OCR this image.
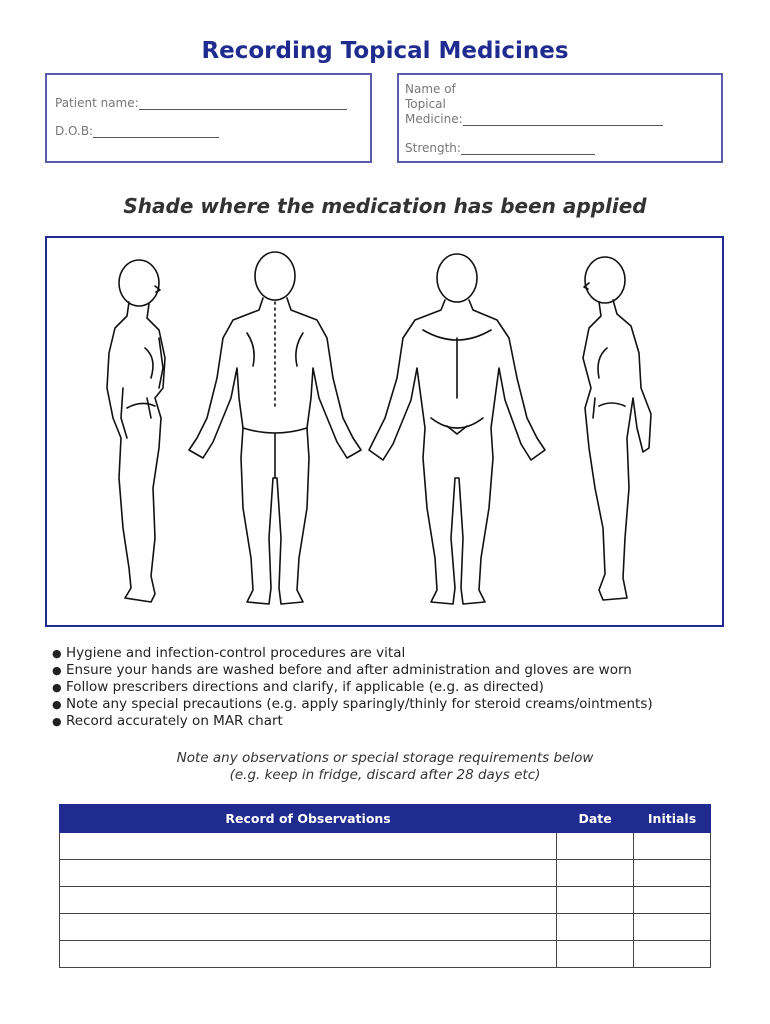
Recording Topical Medicines
Patient name:
D.O.B:
Name of
Topical
Medicine:
Strength:
Shade where the medication has been applied
● Hygiene and infection-control procedures are vital
● Ensure your hands are washed before and after administration and gloves are worn
● Follow prescribers directions and clarify, if applicable (e.g. as directed)
● Note any special precautions (e.g. apply sparingly/thinly for steroid creams/ointments)
● Record accurately on MAR chart
Note any observations or special storage requirements below
(e.g. keep in fridge, discard after 28 days etc)
Record of Observations	Date	Initials
